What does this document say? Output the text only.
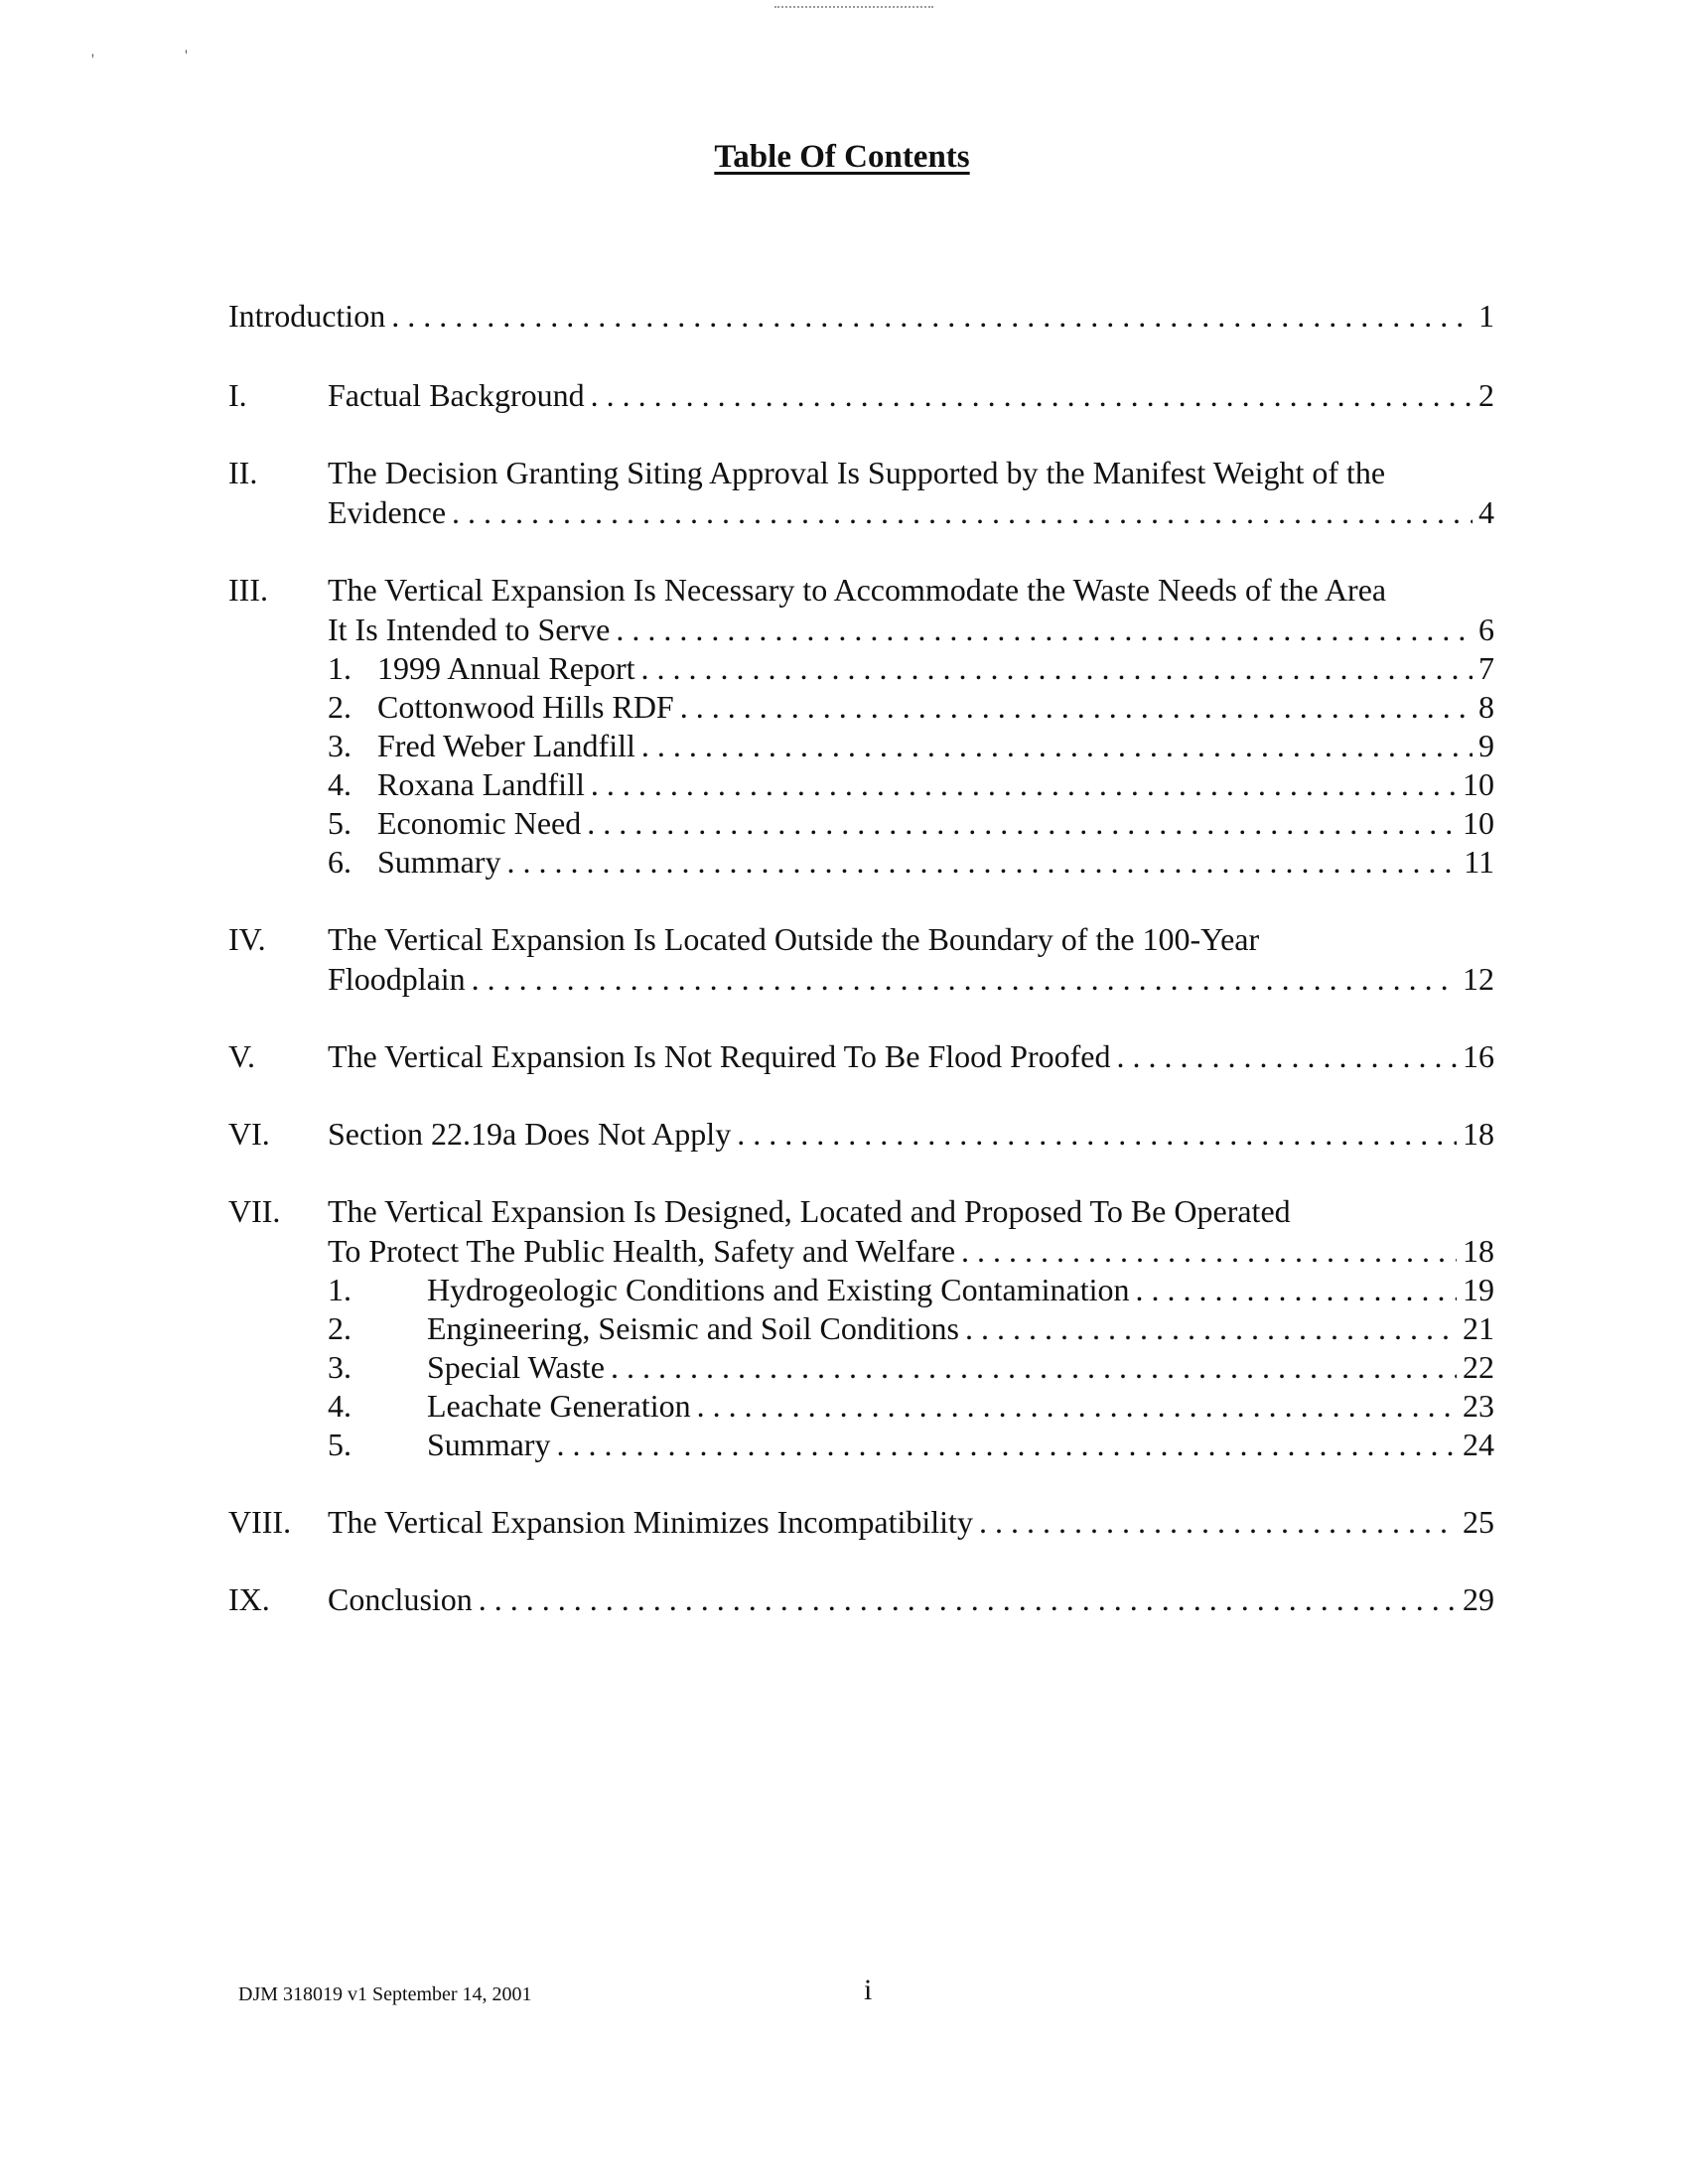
'	'
Table Of Contents
Introduction . . .	1
I.	Factual Background . . .	2
II. The Decision Granting Siting Approval Is Supported by the Manifest Weight of the
Evidence . . .	4
III. The Vertical Expansion Is Necessary to Accommodate the Waste Needs of the Area
It Is Intended to Serve . . .	6
1. 1999 Annual Report . . .	7
2. Cottonwood Hills RDF . . .	8
3. Fred Weber Landfill . . .	9
4. Roxana Landfill . . .	10
5. Economic Need . . .	10
6. Summary . . .	11
IV. The Vertical Expansion Is Located Outside the Boundary of the 100-Year
Floodplain . . .	12
V. The Vertical Expansion Is Not Required To Be Flood Proofed . . .	16
VI. Section 22.19a Does Not Apply . . .	18
VII. The Vertical Expansion Is Designed, Located and Proposed To Be Operated
To Protect The Public Health, Safety and Welfare . . .	18
1.	Hydrogeologic Conditions and Existing Contamination . . .	19
2.	Engineering, Seismic and Soil Conditions . . .	21
3.	Special Waste . . .	22
4.	Leachate Generation . . .	23
5.	Summary . . .	24
VIII. The Vertical Expansion Minimizes Incompatibility . . .	25
IX. Conclusion . . .	29
DJM 318019 v1 September 14, 2001	i
